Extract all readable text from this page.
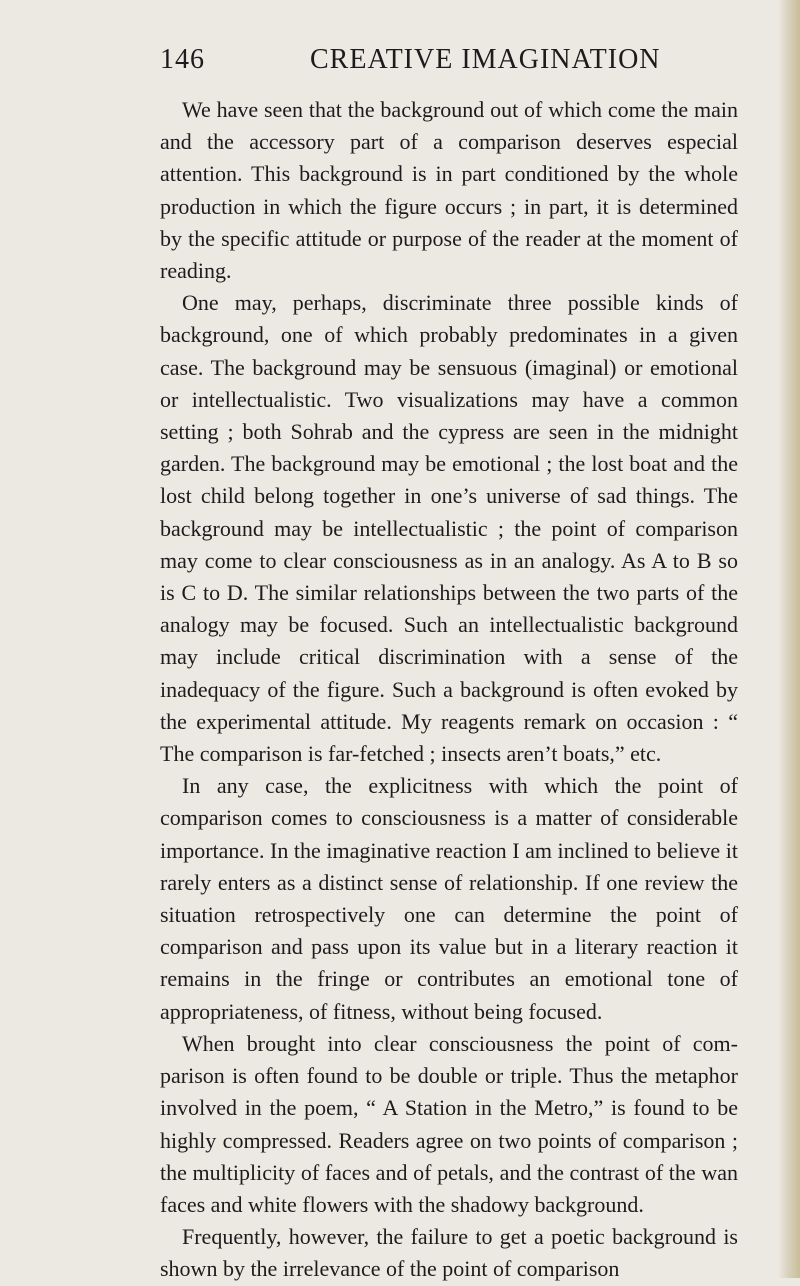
146	CREATIVE IMAGINATION

We have seen that the background out of which come the main and the accessory part of a comparison deserves especial attention. This background is in part conditioned by the whole production in which the figure occurs ; in part, it is determined by the specific attitude or purpose of the reader at the moment of reading.

One may, perhaps, discriminate three possible kinds of background, one of which probably predominates in a given case. The background may be sensuous (imaginal) or emotional or intellectualistic. Two visualizations may have a common setting ; both Sohrab and the cypress are seen in the midnight garden. The background may be emotional ; the lost boat and the lost child belong together in one’s universe of sad things. The background may be intellectualistic ; the point of comparison may come to clear consciousness as in an analogy. As A to B so is C to D. The similar relationships between the two parts of the analogy may be focused. Such an intellectualistic background may include critical discrimination with a sense of the inadequacy of the figure. Such a background is often evoked by the experimental attitude. My reagents remark on occasion : “ The comparison is far-fetched ; insects aren’t boats,” etc.

In any case, the explicitness with which the point of comparison comes to consciousness is a matter of considerable importance. In the imaginative reaction I am inclined to believe it rarely enters as a distinct sense of relationship. If one review the situation retrospectively one can determine the point of comparison and pass upon its value but in a literary reaction it remains in the fringe or contributes an emotional tone of appropriateness, of fitness, without being focused.

When brought into clear consciousness the point of comparison is often found to be double or triple. Thus the metaphor involved in the poem, “ A Station in the Metro,” is found to be highly compressed. Readers agree on two points of comparison ; the multiplicity of faces and of petals, and the contrast of the wan faces and white flowers with the shadowy background.

Frequently, however, the failure to get a poetic background is shown by the irrelevance of the point of comparison
